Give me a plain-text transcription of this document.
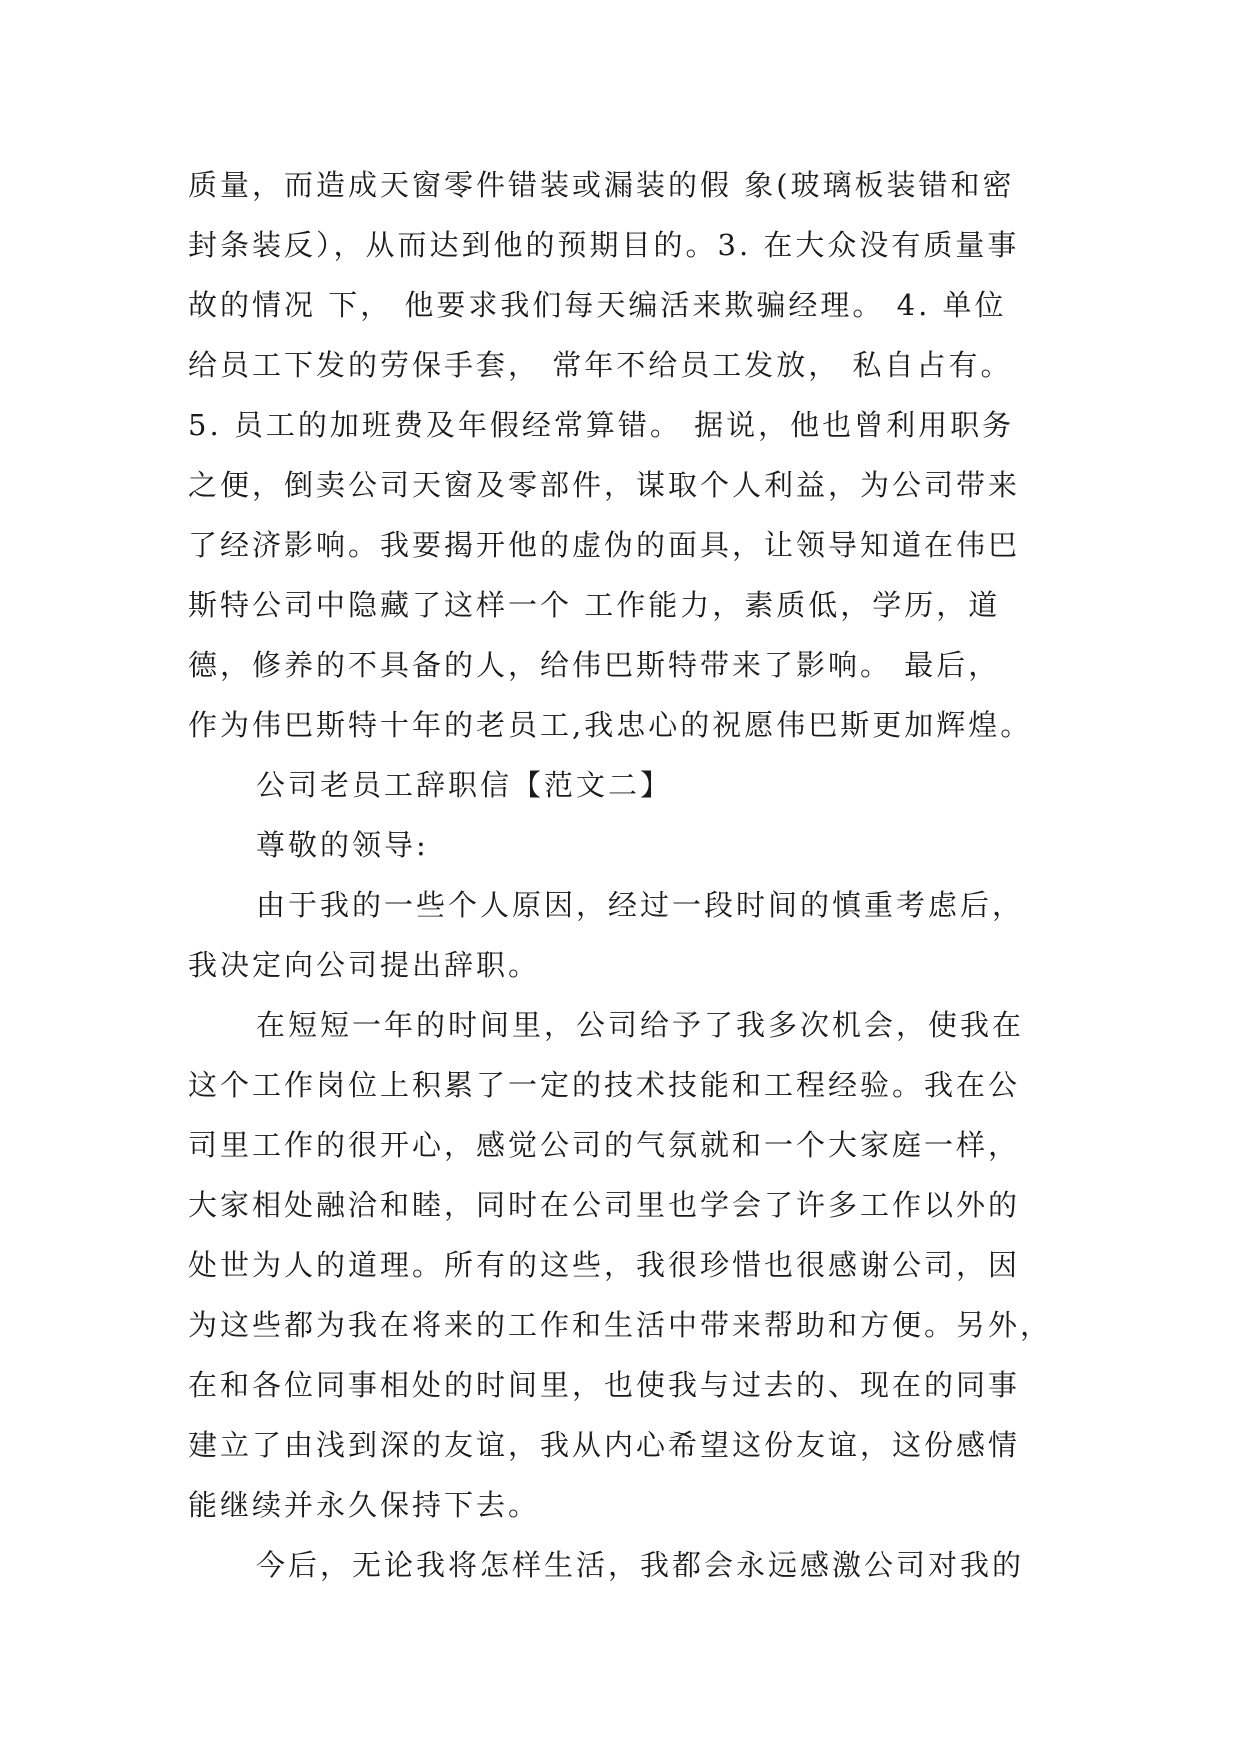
质量，而造成天窗零件错装或漏装的假 象(玻璃板装错和密
封条装反），从而达到他的预期目的。3. 在大众没有质量事
故的情况 下， 他要求我们每天编活来欺骗经理。 4. 单位
给员工下发的劳保手套， 常年不给员工发放， 私自占有。
5. 员工的加班费及年假经常算错。 据说，他也曾利用职务
之便，倒卖公司天窗及零部件，谋取个人利益，为公司带来
了经济影响。我要揭开他的虚伪的面具，让领导知道在伟巴
斯特公司中隐藏了这样一个 工作能力，素质低，学历，道
德，修养的不具备的人，给伟巴斯特带来了影响。 最后，
作为伟巴斯特十年的老员工,我忠心的祝愿伟巴斯更加辉煌。
公司老员工辞职信【范文二】
尊敬的领导:
由于我的一些个人原因，经过一段时间的慎重考虑后，
我决定向公司提出辞职。
在短短一年的时间里，公司给予了我多次机会，使我在
这个工作岗位上积累了一定的技术技能和工程经验。我在公
司里工作的很开心，感觉公司的气氛就和一个大家庭一样，
大家相处融洽和睦，同时在公司里也学会了许多工作以外的
处世为人的道理。所有的这些，我很珍惜也很感谢公司，因
为这些都为我在将来的工作和生活中带来帮助和方便。另外，
在和各位同事相处的时间里，也使我与过去的、现在的同事
建立了由浅到深的友谊，我从内心希望这份友谊，这份感情
能继续并永久保持下去。
今后，无论我将怎样生活，我都会永远感激公司对我的
